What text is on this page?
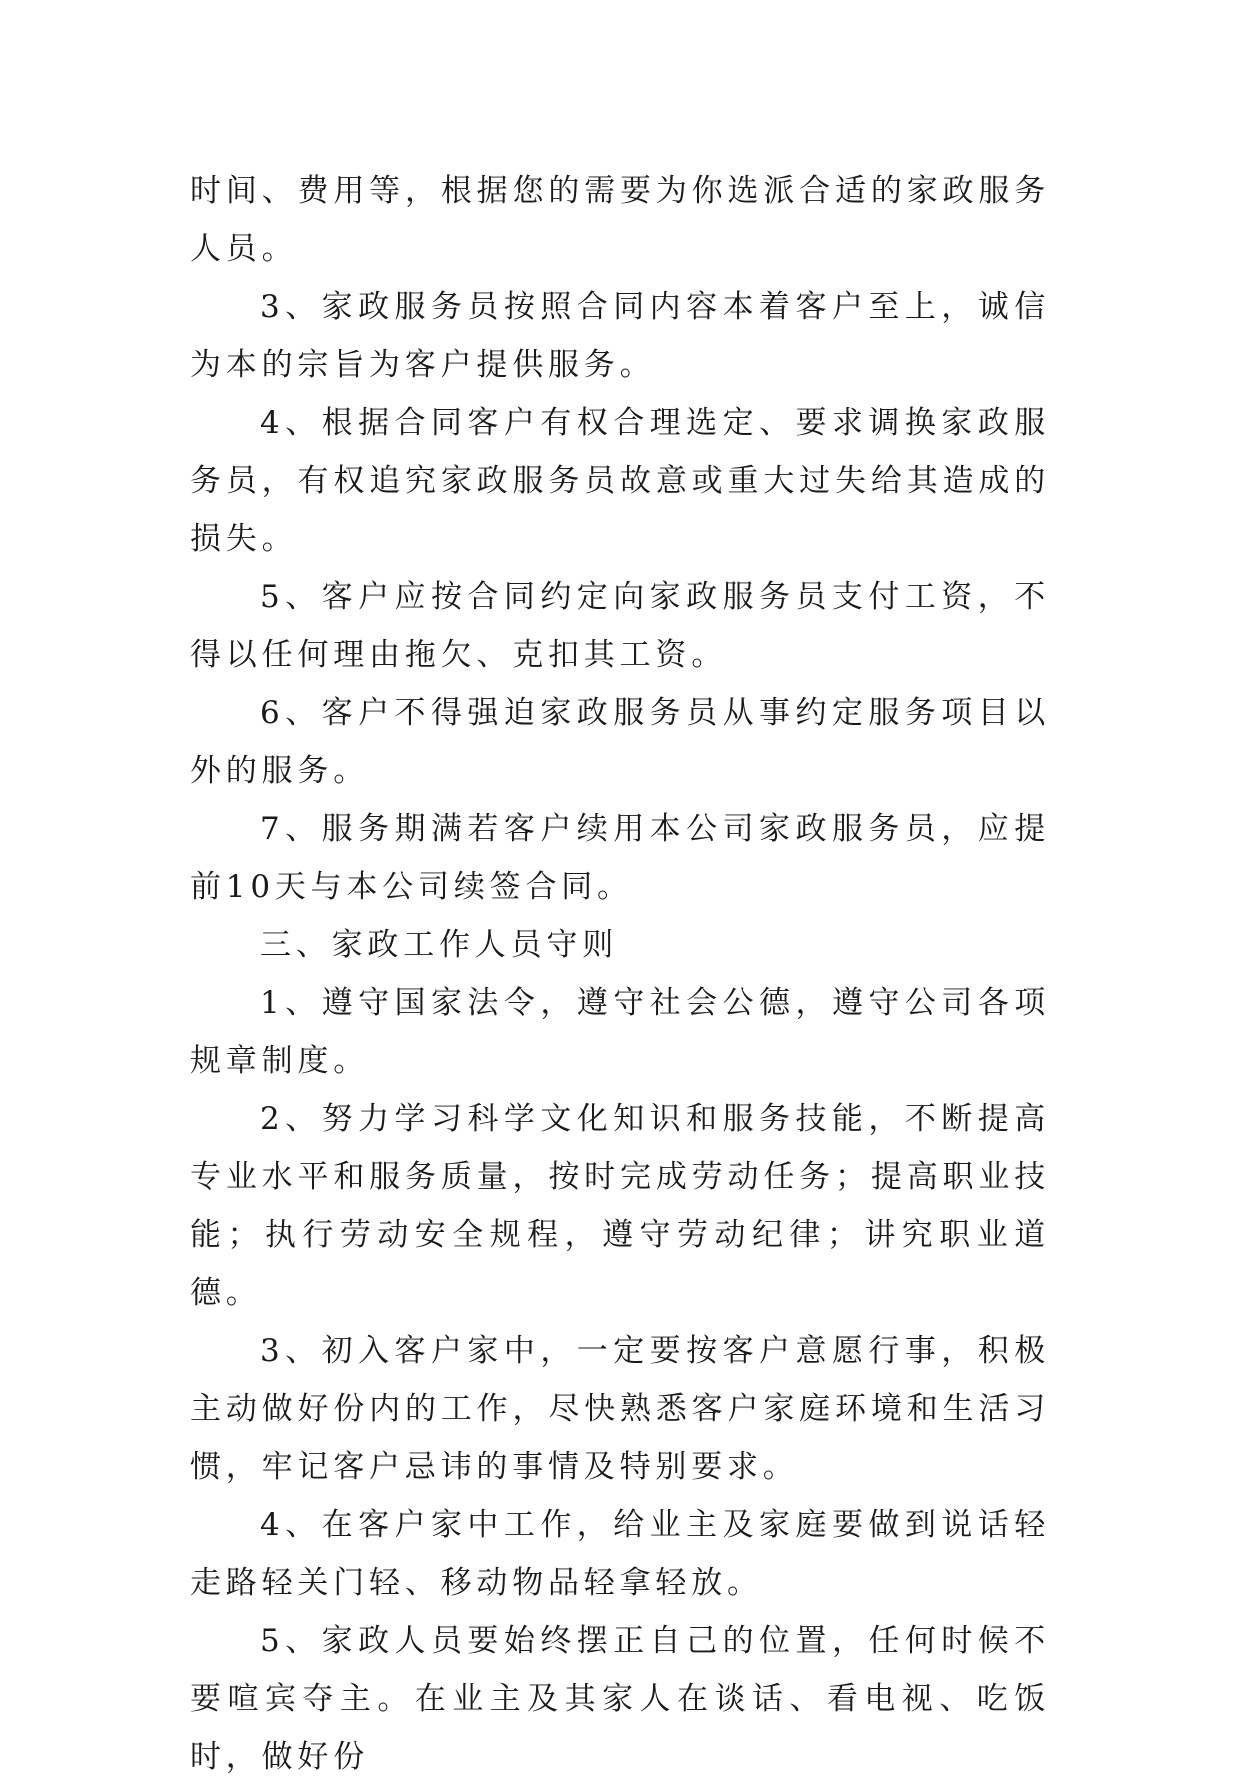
时间、费用等，根据您的需要为你选派合适的家政服务人员。

3、家政服务员按照合同内容本着客户至上，诚信为本的宗旨为客户提供服务。

4、根据合同客户有权合理选定、要求调换家政服务员，有权追究家政服务员故意或重大过失给其造成的损失。

5、客户应按合同约定向家政服务员支付工资，不得以任何理由拖欠、克扣其工资。

6、客户不得强迫家政服务员从事约定服务项目以外的服务。

7、服务期满若客户续用本公司家政服务员，应提前10天与本公司续签合同。

三、家政工作人员守则

1、遵守国家法令，遵守社会公德，遵守公司各项规章制度。

2、努力学习科学文化知识和服务技能，不断提高专业水平和服务质量，按时完成劳动任务；提高职业技能；执行劳动安全规程，遵守劳动纪律；讲究职业道德。

3、初入客户家中，一定要按客户意愿行事，积极主动做好份内的工作，尽快熟悉客户家庭环境和生活习惯，牢记客户忌讳的事情及特别要求。

4、在客户家中工作，给业主及家庭要做到说话轻走路轻关门轻、移动物品轻拿轻放。

5、家政人员要始终摆正自己的位置，任何时候不要喧宾夺主。在业主及其家人在谈话、看电视、吃饭时，做好份
